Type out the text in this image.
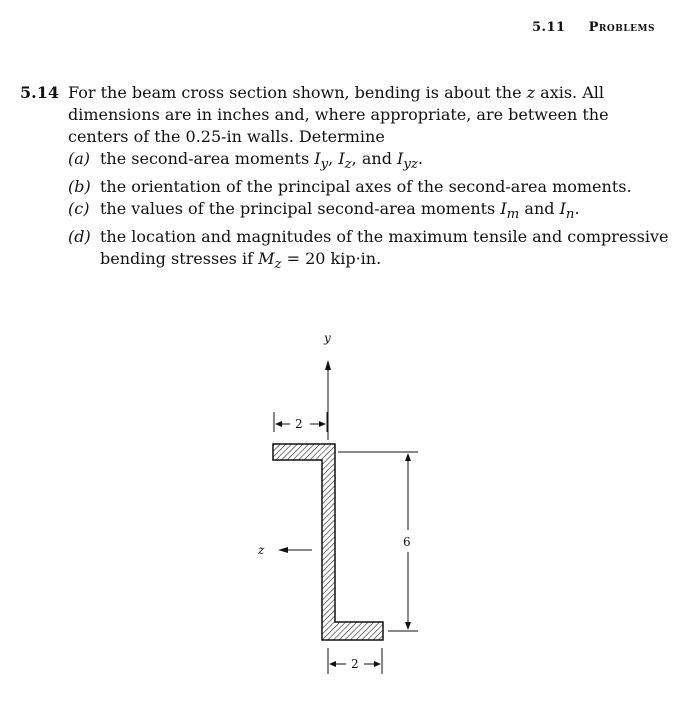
5.11 Problems
5.14 For the beam cross section shown, bending is about the z axis. All dimensions are in inches and, where appropriate, are between the centers of the 0.25-in walls. Determine
(a) the second-area moments $I_y$, $I_z$, and $I_{yz}$.
(b) the orientation of the principal axes of the second-area moments.
(c) the values of the principal second-area moments $I_m$ and $I_n$.
(d) the location and magnitudes of the maximum tensile and compressive bending stresses if $M_z = 20$ kip·in.
y
z
2
6
2
